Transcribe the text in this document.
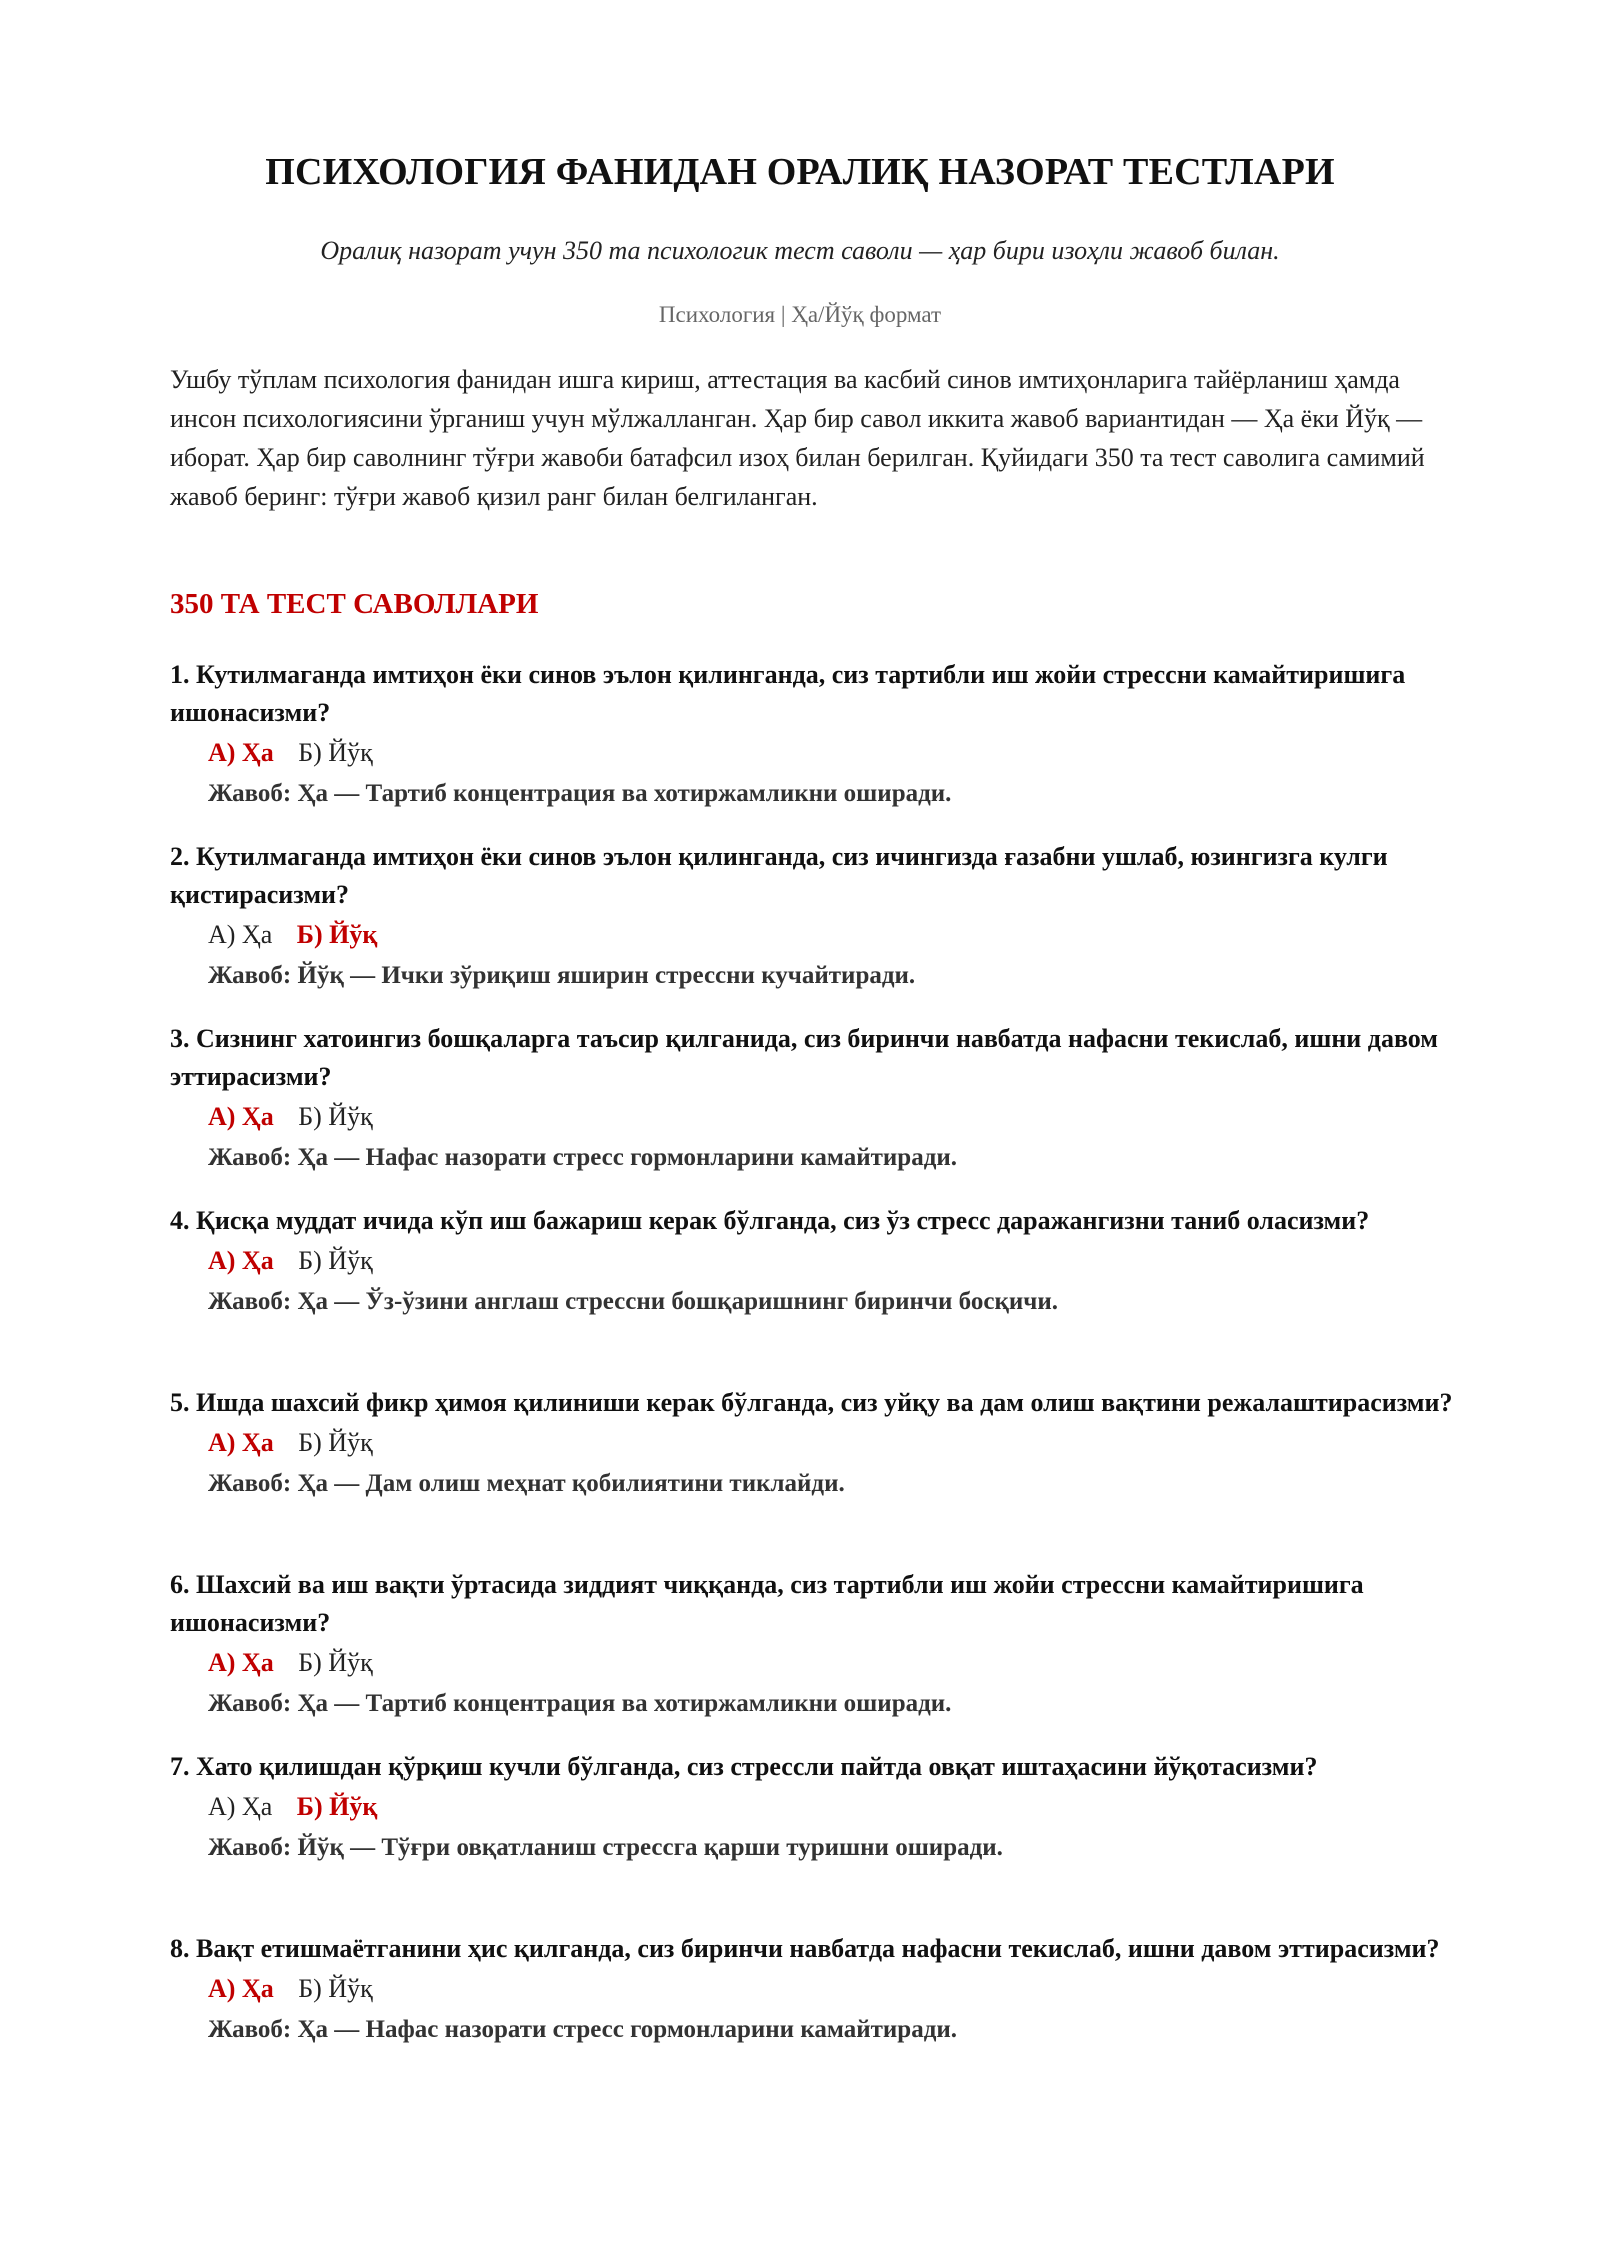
ПСИХОЛОГИЯ ФАНИДАН ОРАЛИҚ НАЗОРАТ ТЕСТЛАРИ
Оралиқ назорат учун 350 та психологик тест саволи — ҳар бири изоҳли жавоб билан.
Психология | Ҳа/Йўқ формат
Ушбу тўплам психология фанидан ишга кириш, аттестация ва касбий синов имтиҳонларига тайёрланиш ҳамда инсон психологиясини ўрганиш учун мўлжалланган. Ҳар бир савол иккита жавоб вариантидан — Ҳа ёки Йўқ — иборат. Ҳар бир саволнинг тўғри жавоби батафсил изоҳ билан берилган. Қуйидаги 350 та тест саволига самимий жавоб беринг: тўғри жавоб қизил ранг билан белгиланган.
350 ТА ТЕСТ САВОЛЛАРИ
1. Кутилмаганда имтиҳон ёки синов эълон қилинганда, сиз тартибли иш жойи стрессни камайтиришига ишонасизми?
А) Ҳа Б) Йўқ
Жавоб: Ҳа — Тартиб концентрация ва хотиржамликни оширади.
2. Кутилмаганда имтиҳон ёки синов эълон қилинганда, сиз ичингизда ғазабни ушлаб, юзингизга кулги қистирасизми?
А) Ҳа Б) Йўқ
Жавоб: Йўқ — Ички зўриқиш яширин стрессни кучайтиради.
3. Сизнинг хатоингиз бошқаларга таъсир қилганида, сиз биринчи навбатда нафасни текислаб, ишни давом эттирасизми?
А) Ҳа Б) Йўқ
Жавоб: Ҳа — Нафас назорати стресс гормонларини камайтиради.
4. Қисқа муддат ичида кўп иш бажариш керак бўлганда, сиз ўз стресс даражангизни таниб оласизми?
А) Ҳа Б) Йўқ
Жавоб: Ҳа — Ўз-ўзини англаш стрессни бошқаришнинг биринчи босқичи.
5. Ишда шахсий фикр ҳимоя қилиниши керак бўлганда, сиз уйқу ва дам олиш вақтини режалаштирасизми?
А) Ҳа Б) Йўқ
Жавоб: Ҳа — Дам олиш меҳнат қобилиятини тиклайди.
6. Шахсий ва иш вақти ўртасида зиддият чиққанда, сиз тартибли иш жойи стрессни камайтиришига ишонасизми?
А) Ҳа Б) Йўқ
Жавоб: Ҳа — Тартиб концентрация ва хотиржамликни оширади.
7. Хато қилишдан қўрқиш кучли бўлганда, сиз стрессли пайтда овқат иштаҳасини йўқотасизми?
А) Ҳа Б) Йўқ
Жавоб: Йўқ — Тўғри овқатланиш стрессга қарши туришни оширади.
8. Вақт етишмаётганини ҳис қилганда, сиз биринчи навбатда нафасни текислаб, ишни давом эттирасизми?
А) Ҳа Б) Йўқ
Жавоб: Ҳа — Нафас назорати стресс гормонларини камайтиради.
